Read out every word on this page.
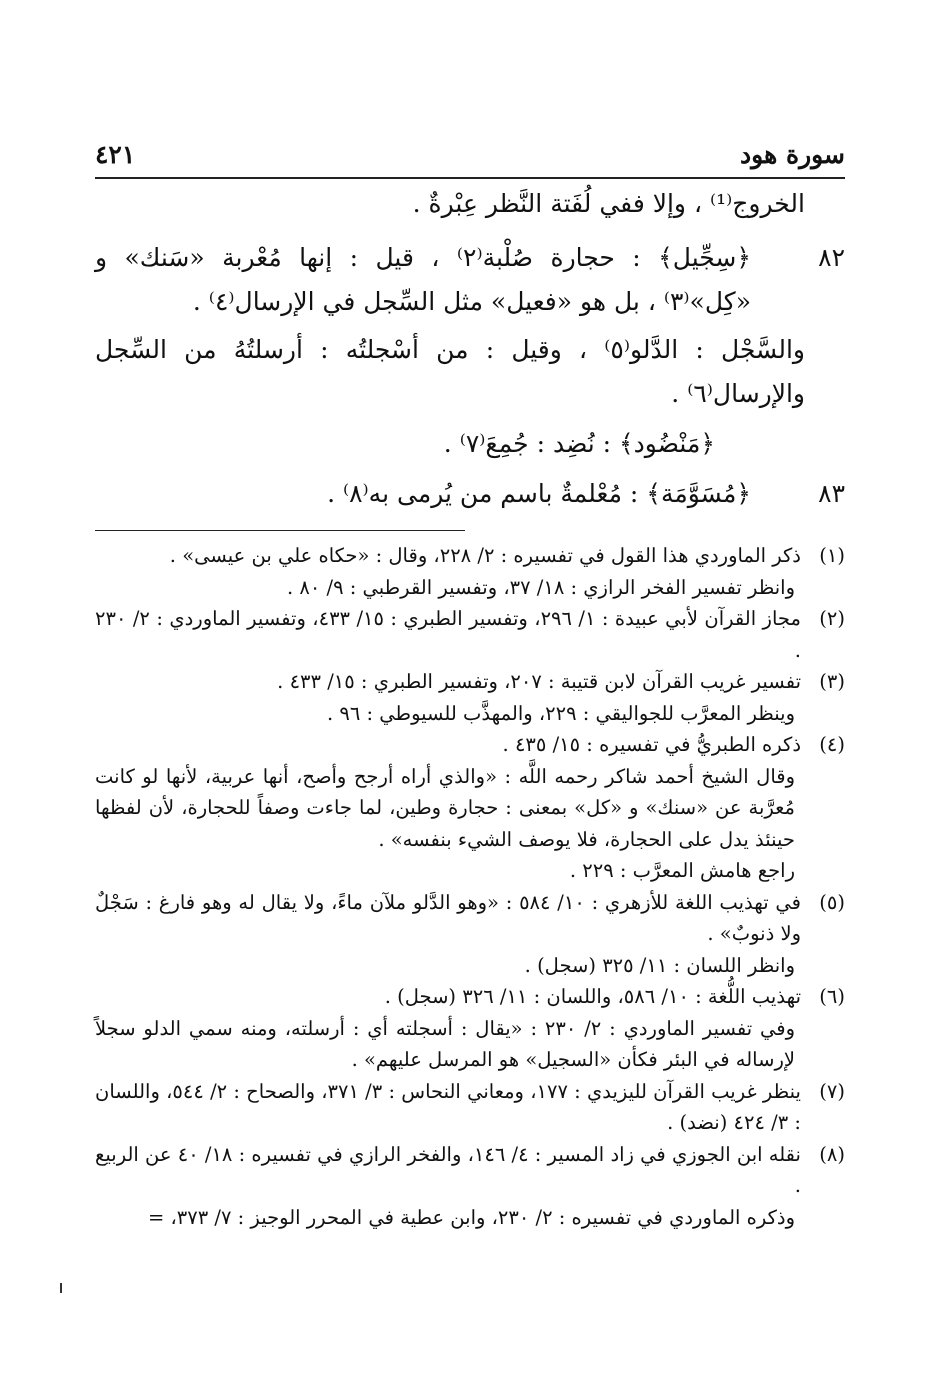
سورة هود
٤٢١

الخروج⁽¹⁾ ، وإلا ففي لُفَتة النَّظر عِبْرةٌ .

٨٢
﴿سِجِّيل﴾ : حجارة صُلْبة⁽٢⁾ ، قيل : إنها مُعْربة «سَنك» و «كِل»⁽٣⁾ ، بل هو «فعيل» مثل السِّجل في الإرسال⁽٤⁾ .

والسَّجْل : الدَّلو⁽٥⁾ ، وقيل : من أسْجلتُه : أرسلتُهُ من السِّجل والإرسال⁽٦⁾ .

﴿مَنْضُود﴾ : نُضِد : جُمِعَ⁽٧⁾ .

٨٣
﴿مُسَوَّمَة﴾ : مُعْلمةٌ باسم من يُرمى به⁽٨⁾ .

(١)

ذكر الماوردي هذا القول في تفسيره : ٢/ ٢٢٨، وقال : «حكاه علي بن عيسى» .

وانظر تفسير الفخر الرازي : ١٨/ ٣٧، وتفسير القرطبي : ٩/ ٨٠ .

(٢)

مجاز القرآن لأبي عبيدة : ١/ ٢٩٦، وتفسير الطبري : ١٥/ ٤٣٣، وتفسير الماوردي : ٢/ ٢٣٠ .

(٣)

تفسير غريب القرآن لابن قتيبة : ٢٠٧، وتفسير الطبري : ١٥/ ٤٣٣ .

وينظر المعرَّب للجواليقي : ٢٢٩، والمهذَّب للسيوطي : ٩٦ .

(٤)

ذكره الطبريُّ في تفسيره : ١٥/ ٤٣٥ .

وقال الشيخ أحمد شاكر رحمه اللَّه : «والذي أراه أرجح وأصح، أنها عربية، لأنها لو كانت مُعرَّبة عن «سنك» و «كل» بمعنى : حجارة وطين، لما جاءت وصفاً للحجارة، لأن لفظها حينئذ يدل على الحجارة، فلا يوصف الشيء بنفسه» .

راجع هامش المعرَّب : ٢٢٩ .

(٥)

في تهذيب اللغة للأزهري : ١٠/ ٥٨٤ : «وهو الدَّلو ملآن ماءً، ولا يقال له وهو فارغ : سَجْلٌ ولا ذنوبٌ» .

وانظر اللسان : ١١/ ٣٢٥ (سجل) .

(٦)

تهذيب اللُّغة : ١٠/ ٥٨٦، واللسان : ١١/ ٣٢٦ (سجل) .

وفي تفسير الماوردي : ٢/ ٢٣٠ : «يقال : أسجلته أي : أرسلته، ومنه سمي الدلو سجلاً لإرساله في البئر فكأن «السجيل» هو المرسل عليهم» .

(٧)

ينظر غريب القرآن لليزيدي : ١٧٧، ومعاني النحاس : ٣/ ٣٧١، والصحاح : ٢/ ٥٤٤، واللسان : ٣/ ٤٢٤ (نضد) .

(٨)

نقله ابن الجوزي في زاد المسير : ٤/ ١٤٦، والفخر الرازي في تفسيره : ١٨/ ٤٠ عن الربيع .

وذكره الماوردي في تفسيره : ٢/ ٢٣٠، وابن عطية في المحرر الوجيز : ٧/ ٣٧٣، =
